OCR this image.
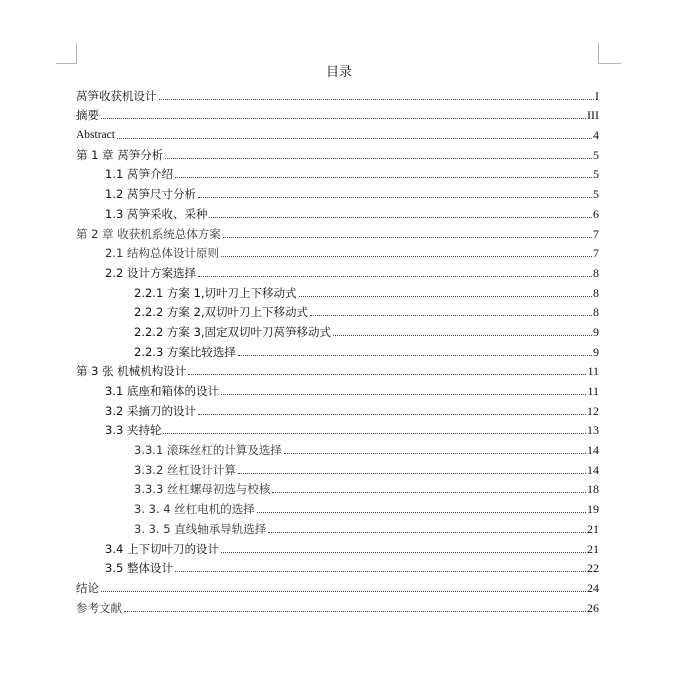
目录
莴笋收获机设计	I
摘要	III
Abstract	4
第 1 章 莴笋分析	5
1.1 莴笋介绍	5
1.2 莴笋尺寸分析	5
1.3 莴笋采收、采种	6
第 2 章 收获机系统总体方案	7
2.1 结构总体设计原则	7
2.2 设计方案选择	8
2.2.1 方案 1,切叶刀上下移动式	8
2.2.2 方案 2,双切叶刀上下移动式	8
2.2.2 方案 3,固定双切叶刀莴笋移动式	9
2.2.3 方案比较选择	9
第 3 张 机械机构设计	11
3.1 底座和箱体的设计	11
3.2 采摘刀的设计	12
3.3 夹持轮	13
3.3.1 滚珠丝杠的计算及选择	14
3.3.2 丝杠设计计算	14
3.3.3 丝杠螺母初选与校核	18
3. 3. 4 丝杠电机的选择	19
3. 3. 5 直线轴承导轨选择	21
3.4 上下切叶刀的设计	21
3.5 整体设计	22
结论	24
参考文献	26
